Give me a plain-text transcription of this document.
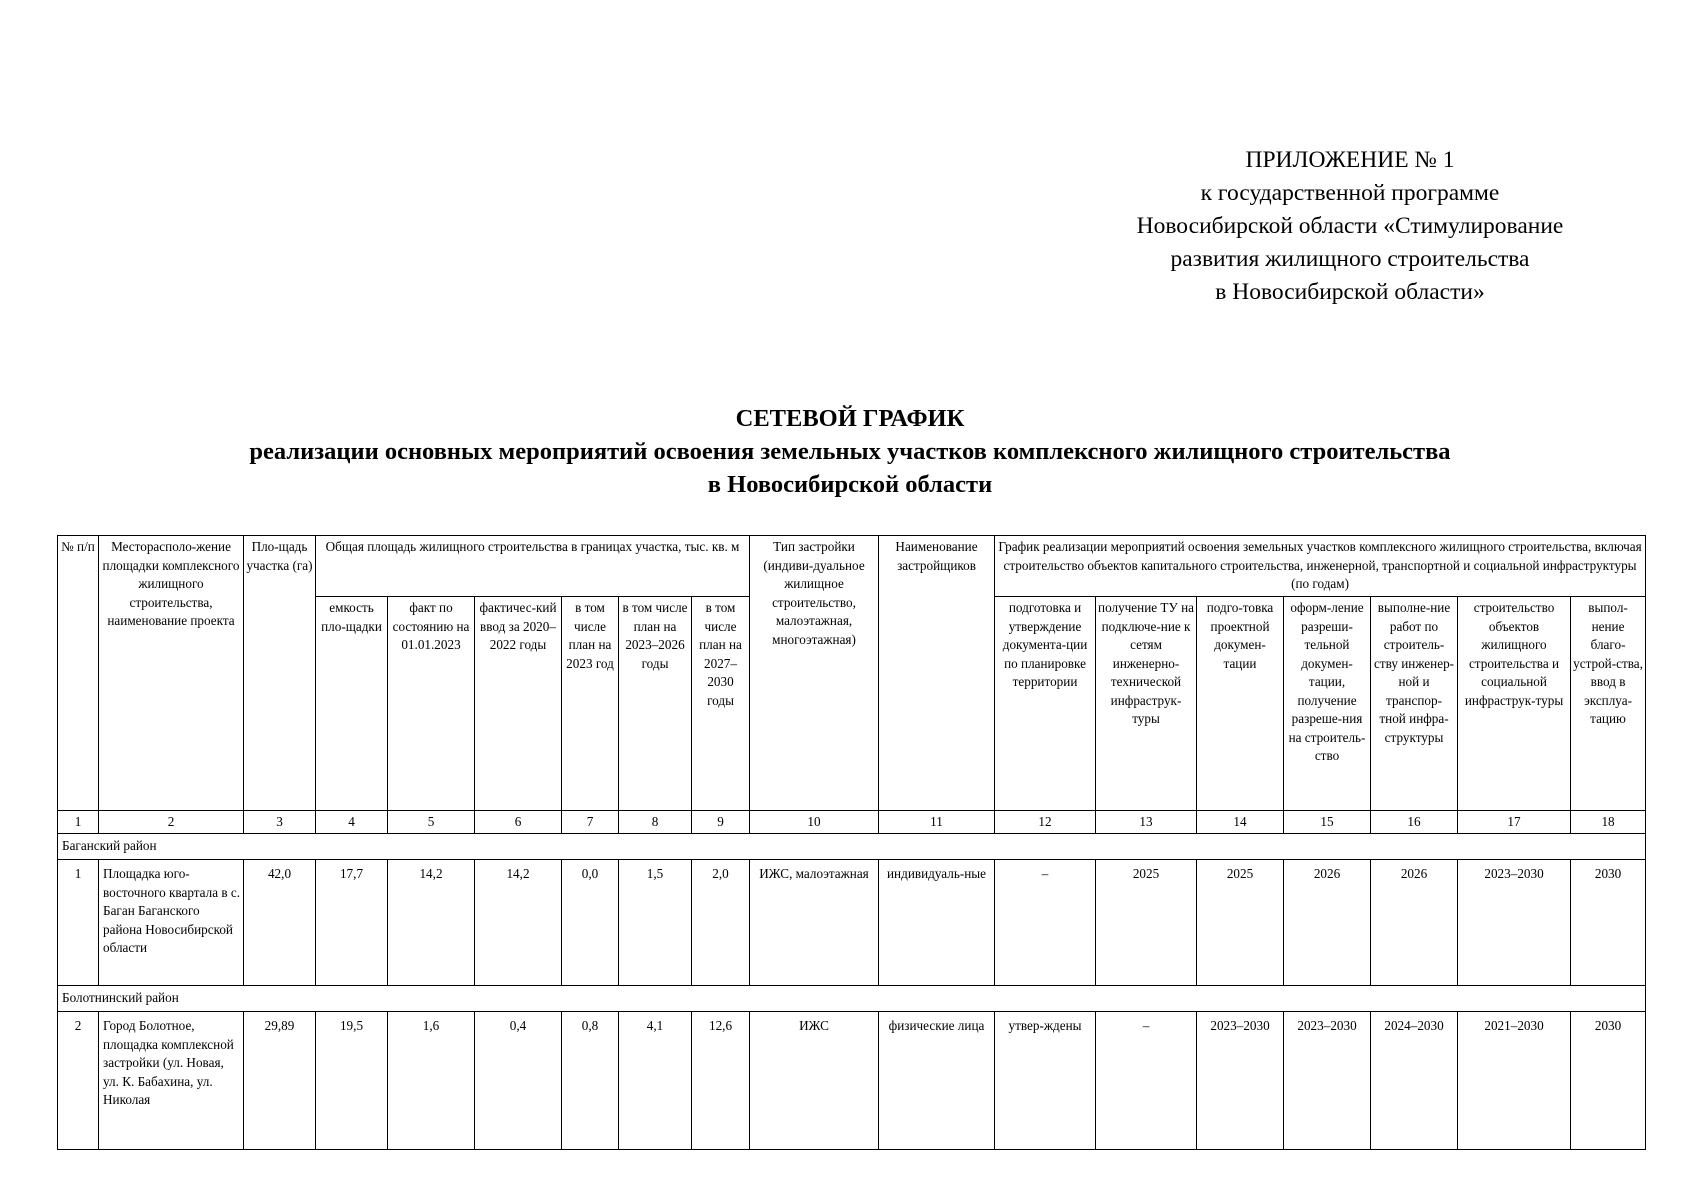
ПРИЛОЖЕНИЕ № 1
к государственной программе
Новосибирской области «Стимулирование
развития жилищного строительства
в Новосибирской области»
СЕТЕВОЙ ГРАФИК
реализации основных мероприятий освоения земельных участков комплексного жилищного строительства
в Новосибирской области
№ п/п	Месторасполо-жение площадки комплексного жилищного строительства, наименование проекта	Пло-щадь участка (га)	Общая площадь жилищного строительства в границах участка, тыс. кв. м						Тип застройки (индиви-дуальное жилищное строительство, малоэтажная, многоэтажная)	Наименование застройщиков	График реализации мероприятий освоения земельных участков комплексного жилищного строительства, включая строительство объектов капитального строительства, инженерной, транспортной и социальной инфраструктуры (по годам)						
			емкость пло-щадки	факт по состоянию на 01.01.2023	фактичес-кий ввод за 2020–2022 годы	в том числе план на 2023 год	в том числе план на 2023–2026 годы	в том числе план на 2027–2030 годы			подготовка и утверждение документа-ции по планировке территории	получение ТУ на подключе-ние к сетям инженерно-технической инфраструк-туры	подго-товка проектной докумен-тации	оформ-ление разреши-тельной докумен-тации, получение разреше-ния на строитель-ство	выполне-ние работ по строитель-ству инженер-ной и транспор-тной инфра-структуры	строительство объектов жилищного строительства и социальной инфраструк-туры	выпол-нение благо-устрой-ства, ввод в эксплуа-тацию
1	2	3	4	5	6	7	8	9	10	11	12	13	14	15	16	17	18
Баганский район																	
1	Площадка юго-восточного квартала в с. Баган Баганского района Новосибирской области	42,0	17,7	14,2	14,2	0,0	1,5	2,0	ИЖС, малоэтажная	индивидуаль-ные	–	2025	2025	2026	2026	2023–2030	2030
Болотнинский район																	
2	Город Болотное, площадка комплексной застройки (ул. Новая, ул. К. Бабахина, ул. Николая	29,89	19,5	1,6	0,4	0,8	4,1	12,6	ИЖС	физические лица	утвер-ждены	–	2023–2030	2023–2030	2024–2030	2021–2030	2030
